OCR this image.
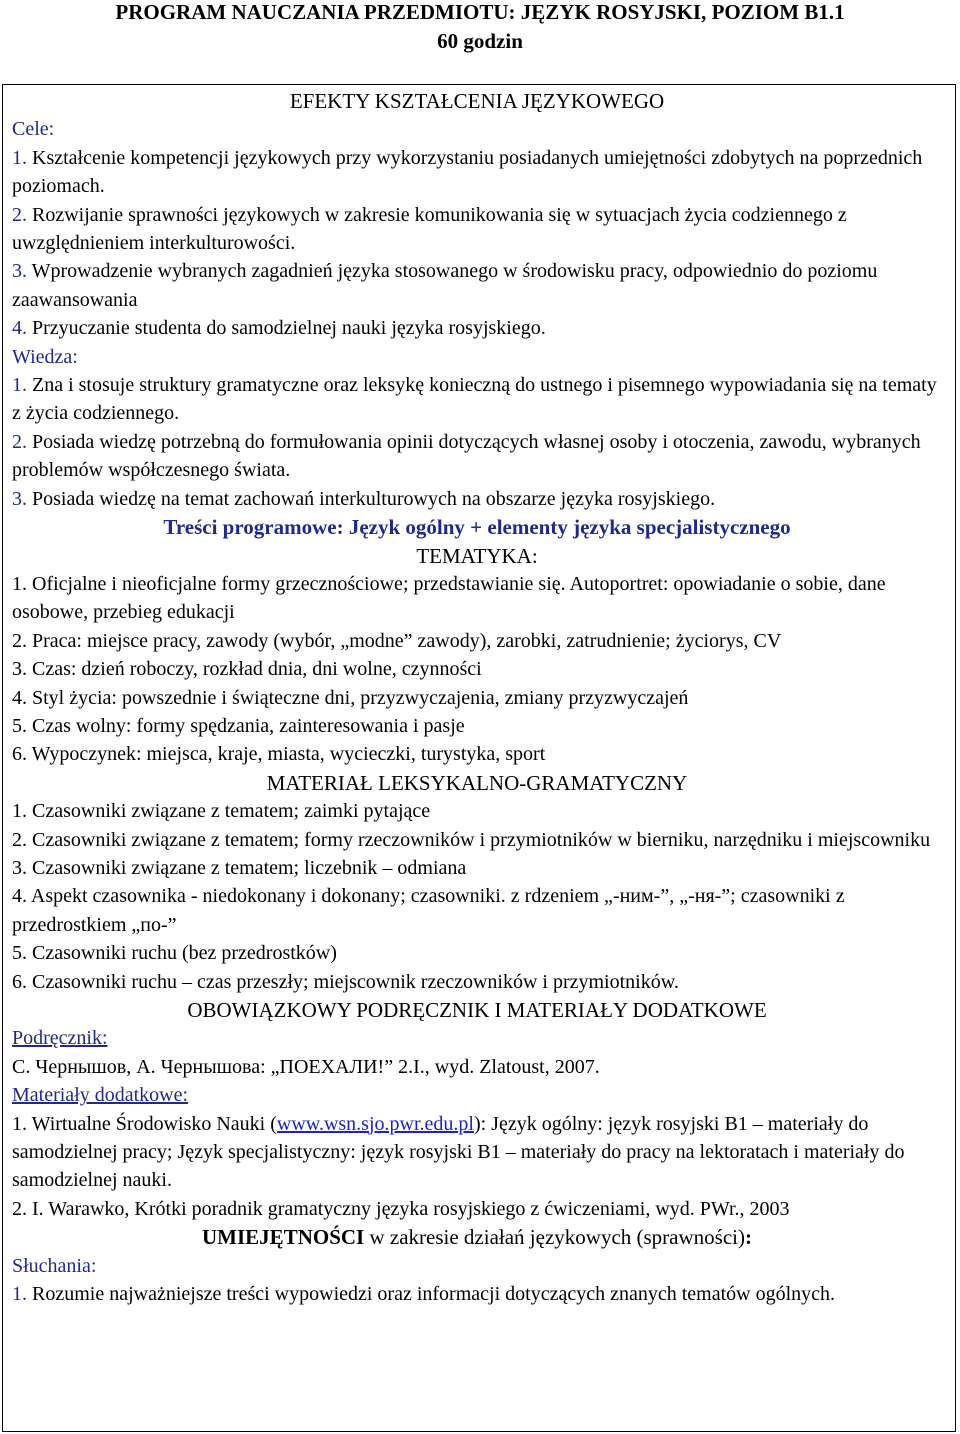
PROGRAM NAUCZANIA PRZEDMIOTU: JĘZYK ROSYJSKI, POZIOM B1.1
60 godzin
EFEKTY KSZTAŁCENIA JĘZYKOWEGO
Cele:
1. Kształcenie kompetencji językowych przy wykorzystaniu posiadanych umiejętności zdobytych na poprzednich poziomach.
2. Rozwijanie sprawności językowych w zakresie komunikowania się w sytuacjach życia codziennego z uwzględnieniem interkulturowości.
3. Wprowadzenie wybranych zagadnień języka stosowanego w środowisku pracy, odpowiednio do poziomu zaawansowania
4. Przyuczanie studenta do samodzielnej nauki języka rosyjskiego.
Wiedza:
1. Zna i stosuje struktury gramatyczne oraz leksykę konieczną do ustnego i pisemnego wypowiadania się na tematy z życia codziennego.
2. Posiada wiedzę potrzebną do formułowania opinii dotyczących własnej osoby i otoczenia, zawodu, wybranych problemów współczesnego świata.
3. Posiada wiedzę na temat zachowań interkulturowych na obszarze języka rosyjskiego.
Treści programowe: Język ogólny + elementy języka specjalistycznego
TEMATYKA:
1. Oficjalne i nieoficjalne formy grzecznościowe; przedstawianie się. Autoportret: opowiadanie o sobie, dane osobowe, przebieg edukacji
2. Praca: miejsce pracy, zawody (wybór, „modne” zawody), zarobki, zatrudnienie; życiorys, CV
3. Czas: dzień roboczy, rozkład dnia, dni wolne, czynności
4. Styl życia: powszednie i świąteczne dni, przyzwyczajenia, zmiany przyzwyczajeń
5. Czas wolny: formy spędzania, zainteresowania i pasje
6. Wypoczynek: miejsca, kraje, miasta, wycieczki, turystyka, sport
MATERIAŁ LEKSYKALNO-GRAMATYCZNY
1. Czasowniki związane z tematem; zaimki pytające
2. Czasowniki związane z tematem; formy rzeczowników i przymiotników w bierniku, narzędniku i miejscowniku
3. Czasowniki związane z tematem; liczebnik – odmiana
4. Aspekt czasownika - niedokonany i dokonany; czasowniki. z rdzeniem „-ним-”, „-ня-”; czasowniki z przedrostkiem „по-”
5. Czasowniki ruchu (bez przedrostków)
6. Czasowniki ruchu – czas przeszły; miejscownik rzeczowników i przymiotników.
OBOWIĄZKOWY PODRĘCZNIK I MATERIAŁY DODATKOWE
Podręcznik:
С. Чернышов, А. Чернышова: „ПОЕХАЛИ!” 2.I., wyd. Zlatoust, 2007.
Materiały dodatkowe:
1. Wirtualne Środowisko Nauki (www.wsn.sjo.pwr.edu.pl): Język ogólny: język rosyjski B1 – materiały do samodzielnej pracy; Język specjalistyczny: język rosyjski B1 – materiały do pracy na lektoratach i materiały do samodzielnej nauki.
2. I. Warawko, Krótki poradnik gramatyczny języka rosyjskiego z ćwiczeniami, wyd. PWr., 2003
UMIEJĘTNOŚCI w zakresie działań językowych (sprawności):
Słuchania:
1. Rozumie najważniejsze treści wypowiedzi oraz informacji dotyczących znanych tematów ogólnych.
